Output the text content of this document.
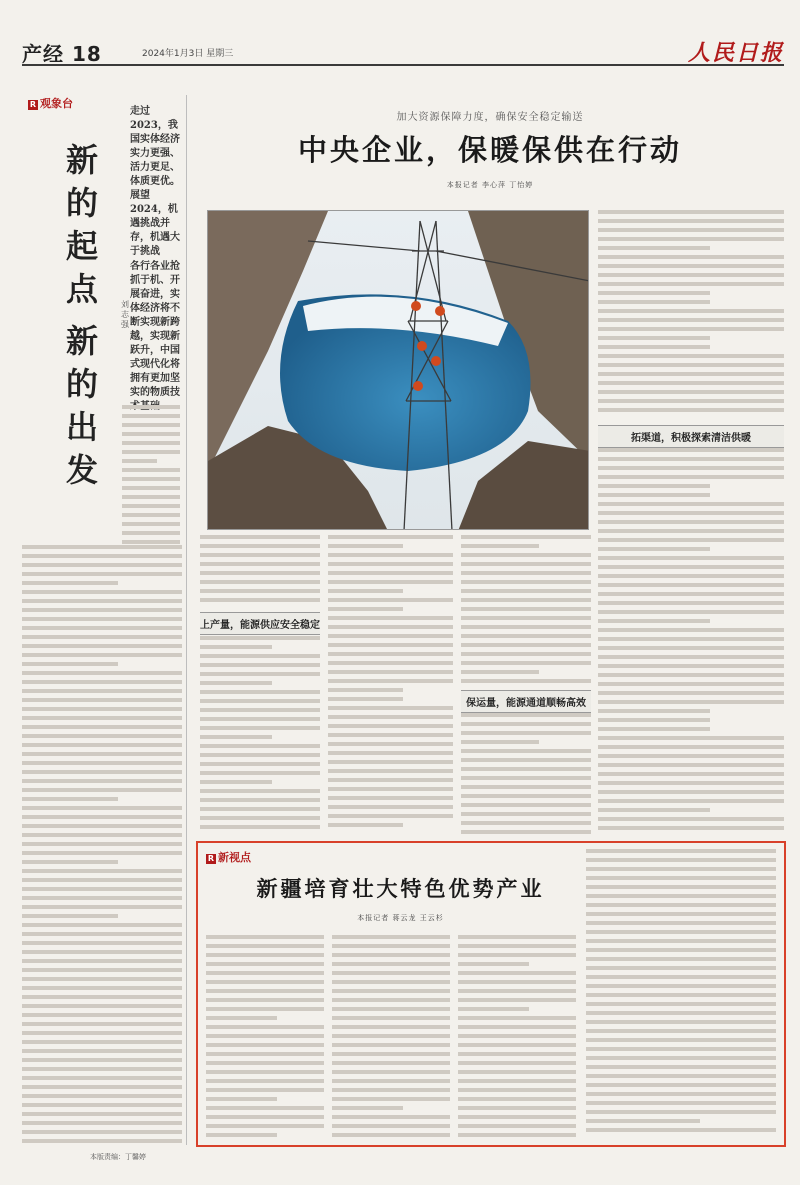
产经 18	2024年1月3日 星期三	人民日报
R 观象台
新的起点
新的出发
刘志强
走过2023，我国实体经济实力更强、活力更足、体质更优。展望2024，机遇挑战并存，机遇大于挑战
各行各业抢抓于机、开展奋进，实体经济将不断实现新跨越，实现新跃升，中国式现代化将拥有更加坚实的物质技
加大资源保障力度，确保安全稳定输送
中央企业，保暖保供在行动
本报记者 李心萍 丁怡婷
拓渠道，积极探索清洁供暖
上产量，能源供应安全稳定
保运量，能源通道顺畅高效
R 新视点
新疆培育壮大特色优势产业
本报记者 蒋云龙 王云杉
本版责编：丁馨婷
